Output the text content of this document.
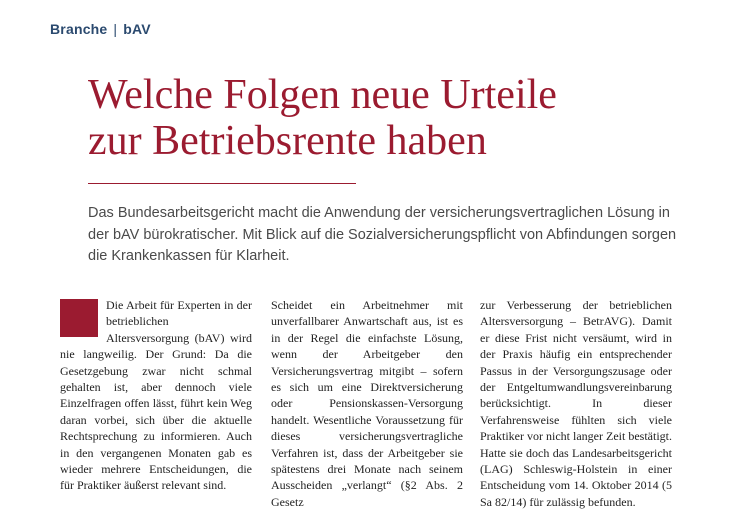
Branche | bAV
Welche Folgen neue Urteile
zur Betriebsrente haben

Das Bundesarbeitsgericht macht die Anwendung der versicherungsvertraglichen Lösung in der bAV bürokratischer. Mit Blick auf die Sozialversicherungspflicht von Abfindungen sorgen die Krankenkassen für Klarheit.

Die Arbeit für Experten in der betrieblichen Altersversorgung (bAV) wird nie langweilig. Der Grund: Da die Gesetzgebung zwar nicht schmal gehalten ist, aber dennoch viele Einzelfragen offen lässt, führt kein Weg daran vorbei, sich über die aktuelle Rechtsprechung zu informieren. Auch in den vergangenen Monaten gab es wieder mehrere Entscheidungen, die für Praktiker äußerst relevant sind.
Scheidet ein Arbeitnehmer mit unverfallbarer Anwartschaft aus, ist es in der Regel die einfachste Lösung, wenn der Arbeitgeber den Versicherungsvertrag mitgibt – sofern es sich um eine Direktversicherung oder Pensionskassen-Versorgung handelt. Wesentliche Voraussetzung für dieses versicherungsvertragliche Verfahren ist, dass der Arbeitgeber sie spätestens drei Monate nach seinem Ausscheiden „verlangt“ (§2 Abs. 2 Gesetz
zur Verbesserung der betrieblichen Altersversorgung – BetrAVG). Damit er diese Frist nicht versäumt, wird in der Praxis häufig ein entsprechender Passus in der Versorgungszusage oder der Entgeltumwandlungsvereinbarung berücksichtigt. In dieser Verfahrensweise fühlten sich viele Praktiker vor nicht langer Zeit bestätigt. Hatte sie doch das Landesarbeitsgericht (LAG) Schleswig-Holstein in einer Entscheidung vom 14. Oktober 2014 (5 Sa 82/14) für zulässig befunden.
